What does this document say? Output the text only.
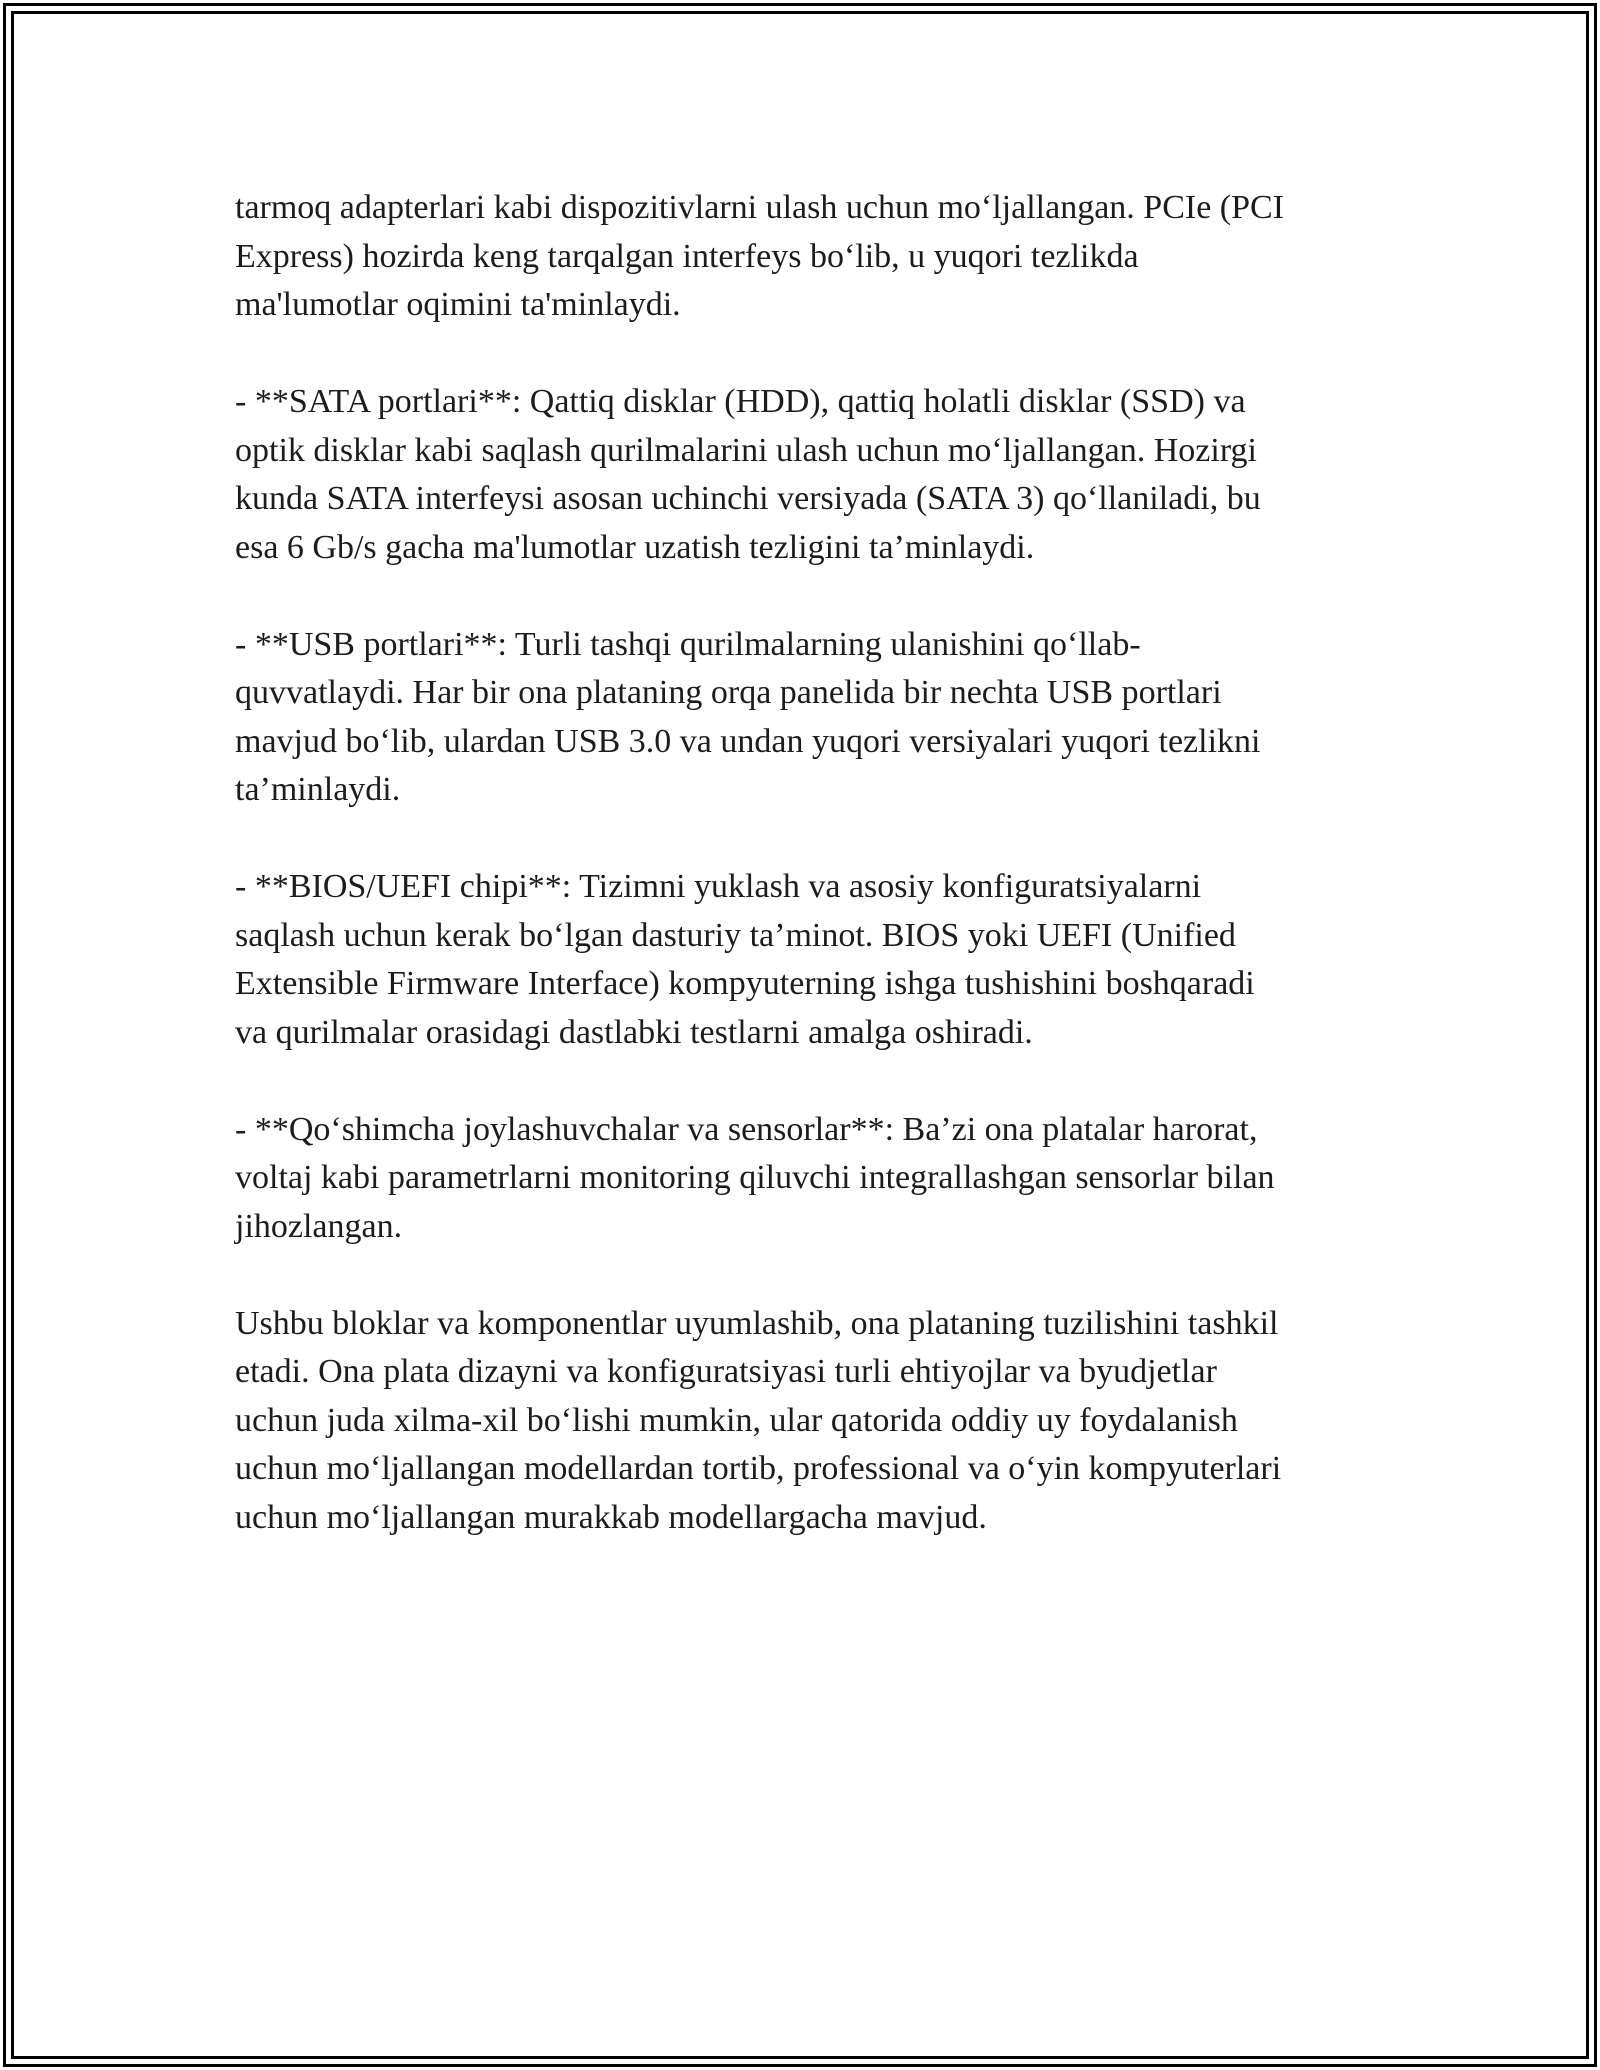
tarmoq adapterlari kabi dispozitivlarni ulash uchun mo‘ljallangan. PCIe (PCI
Express) hozirda keng tarqalgan interfeys bo‘lib, u yuqori tezlikda
ma'lumotlar oqimini ta'minlaydi.

- **SATA portlari**: Qattiq disklar (HDD), qattiq holatli disklar (SSD) va
optik disklar kabi saqlash qurilmalarini ulash uchun mo‘ljallangan. Hozirgi
kunda SATA interfeysi asosan uchinchi versiyada (SATA 3) qo‘llaniladi, bu
esa 6 Gb/s gacha ma'lumotlar uzatish tezligini ta’minlaydi.

- **USB portlari**: Turli tashqi qurilmalarning ulanishini qo‘llab-
quvvatlaydi. Har bir ona plataning orqa panelida bir nechta USB portlari
mavjud bo‘lib, ulardan USB 3.0 va undan yuqori versiyalari yuqori tezlikni
ta’minlaydi.

- **BIOS/UEFI chipi**: Tizimni yuklash va asosiy konfiguratsiyalarni
saqlash uchun kerak bo‘lgan dasturiy ta’minot. BIOS yoki UEFI (Unified
Extensible Firmware Interface) kompyuterning ishga tushishini boshqaradi
va qurilmalar orasidagi dastlabki testlarni amalga oshiradi.

- **Qo‘shimcha joylashuvchalar va sensorlar**: Ba’zi ona platalar harorat,
voltaj kabi parametrlarni monitoring qiluvchi integrallashgan sensorlar bilan
jihozlangan.

Ushbu bloklar va komponentlar uyumlashib, ona plataning tuzilishini tashkil
etadi. Ona plata dizayni va konfiguratsiyasi turli ehtiyojlar va byudjetlar
uchun juda xilma-xil bo‘lishi mumkin, ular qatorida oddiy uy foydalanish
uchun mo‘ljallangan modellardan tortib, professional va o‘yin kompyuterlari
uchun mo‘ljallangan murakkab modellargacha mavjud.
